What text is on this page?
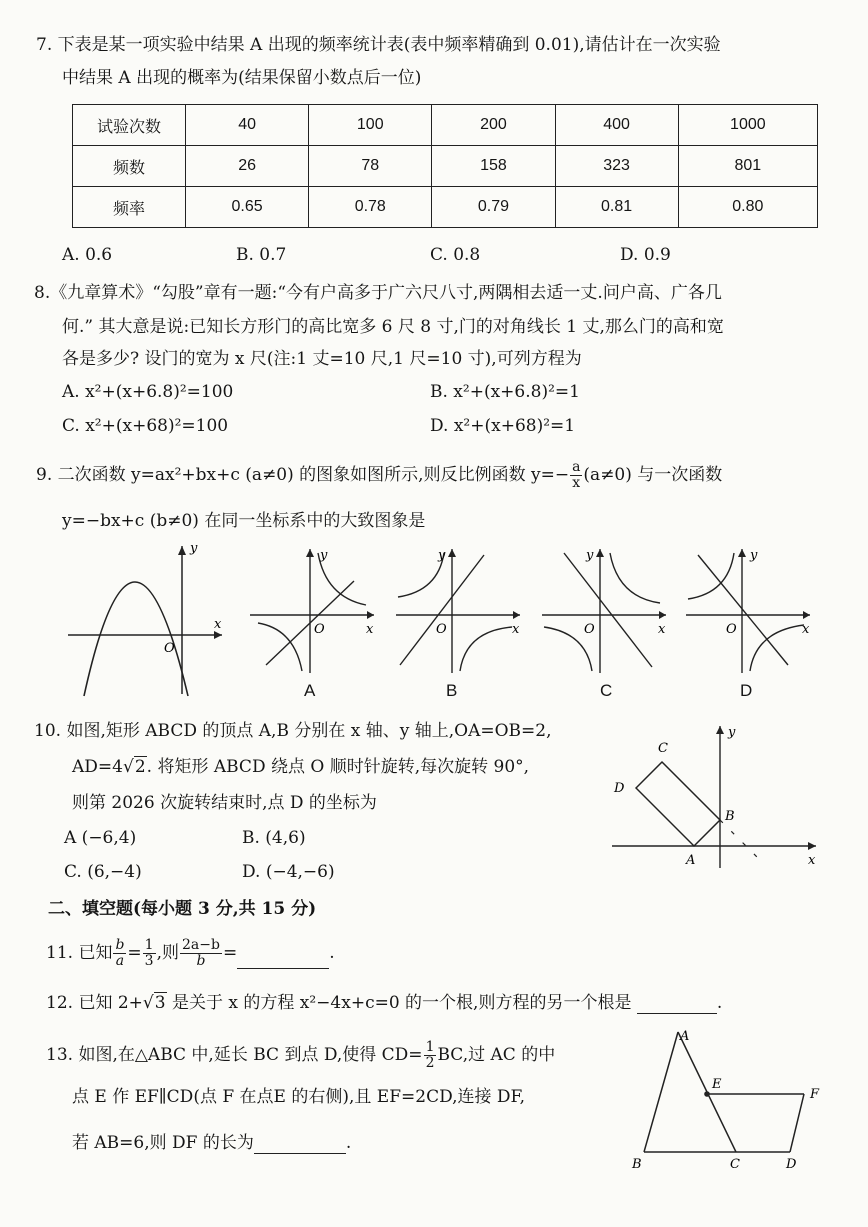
7. 下表是某一项实验中结果 A 出现的频率统计表(表中频率精确到 0.01),请估计在一次实验
中结果 A 出现的概率为(结果保留小数点后一位)
试验次数	40	100	200	400	1000
频数	26	78	158	323	801
频率	0.65	0.78	0.79	0.81	0.80
A. 0.6	B. 0.7	C. 0.8	D. 0.9
8.《九章算术》“勾股”章有一题:“今有户高多于广六尺八寸,两隅相去适一丈.问户高、广各几
何.” 其大意是说:已知长方形门的高比宽多 6 尺 8 寸,门的对角线长 1 丈,那么门的高和宽
各是多少? 设门的宽为 x 尺(注:1 丈=10 尺,1 尺=10 寸),可列方程为
A. x²+(x+6.8)²=100	B. x²+(x+6.8)²=1
C. x²+(x+68)²=100	D. x²+(x+68)²=1
9. 二次函数 y=ax²+bx+c (a≠0) 的图象如图所示,则反比例函数 $y=- \frac{a}{x} (a\ne 0)$ 与一次函数
y=−bx+c (b≠0) 在同一坐标系中的大致图象是
x
y
O
x
y
O
A
x
y
O
B
x
y
O
C
x
y
O
D
10. 如图,矩形 ABCD 的顶点 A,B 分别在 x 轴、y 轴上,OA=OB=2,
AD=4√2. 将矩形 ABCD 绕点 O 顺时针旋转,每次旋转 90°,
则第 2026 次旋转结束时,点 D 的坐标为
A (−6,4)	B. (4,6)
C. (6,−4)	D. (−4,−6)
A
B
C
D
x
y
二、填空题(每小题 3 分,共 15 分)
11. 已知 $\frac{b}{a} = \frac{1}{3}$ ,则 $\frac{2a-b}{b}$ =	.
12. 已知 2+√3 是关于 x 的方程 x²−4x+c=0 的一个根,则方程的另一个根是	.
13. 如图,在△ABC 中,延长 BC 到点 D,使得 $CD= \frac{1}{2}$ BC,过 AC 的中
点 E 作 EF∥CD(点 F 在点E 的右侧),且 EF=2CD,连接 DF,
若 AB=6,则 DF 的长为	.
A
B	C	D
E
F
